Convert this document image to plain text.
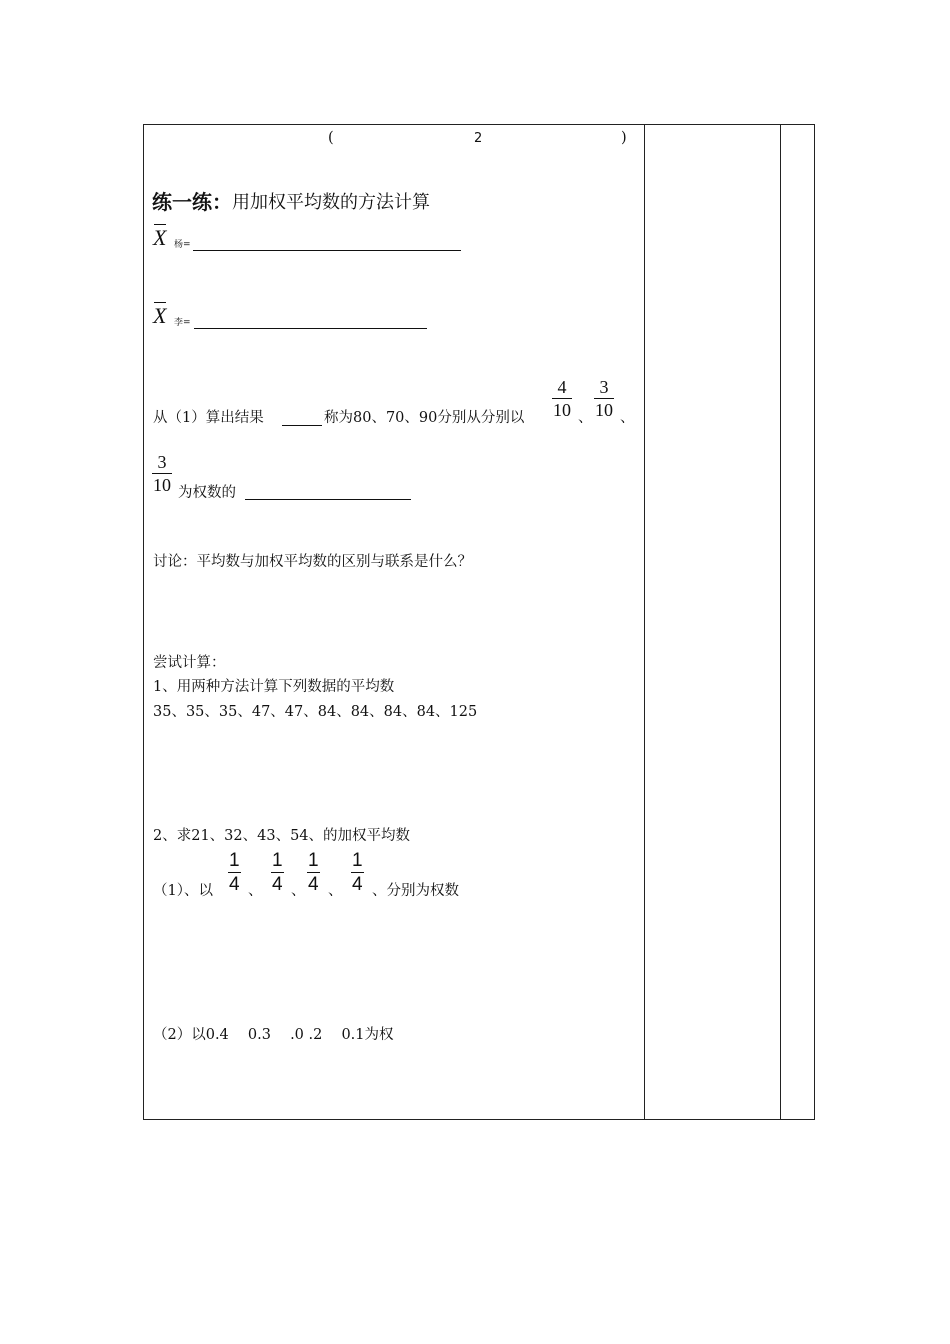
(	2	)
练一练： 用加权平均数的方法计算
X 杨=
X 李=
从（1）算出结果	称为80、70、90分别从分别以 $\frac{4}{10}$ 、 $\frac{3}{10}$ 、
$\frac{3}{10}$ 为权数的
讨论：平均数与加权平均数的区别与联系是什么？
尝试计算：
1、用两种方法计算下列数据的平均数
35、35、35、47、47、84、84、84、84、125
2、求21、32、43、54、的加权平均数
（1）、以 $\frac{1}{4}$ 、 $\frac{1}{4}$ 、 $\frac{1}{4}$ 、 $\frac{1}{4}$ 、分别为权数
（2）以0.4　 0.3 　.0 .2　 0.1为权
